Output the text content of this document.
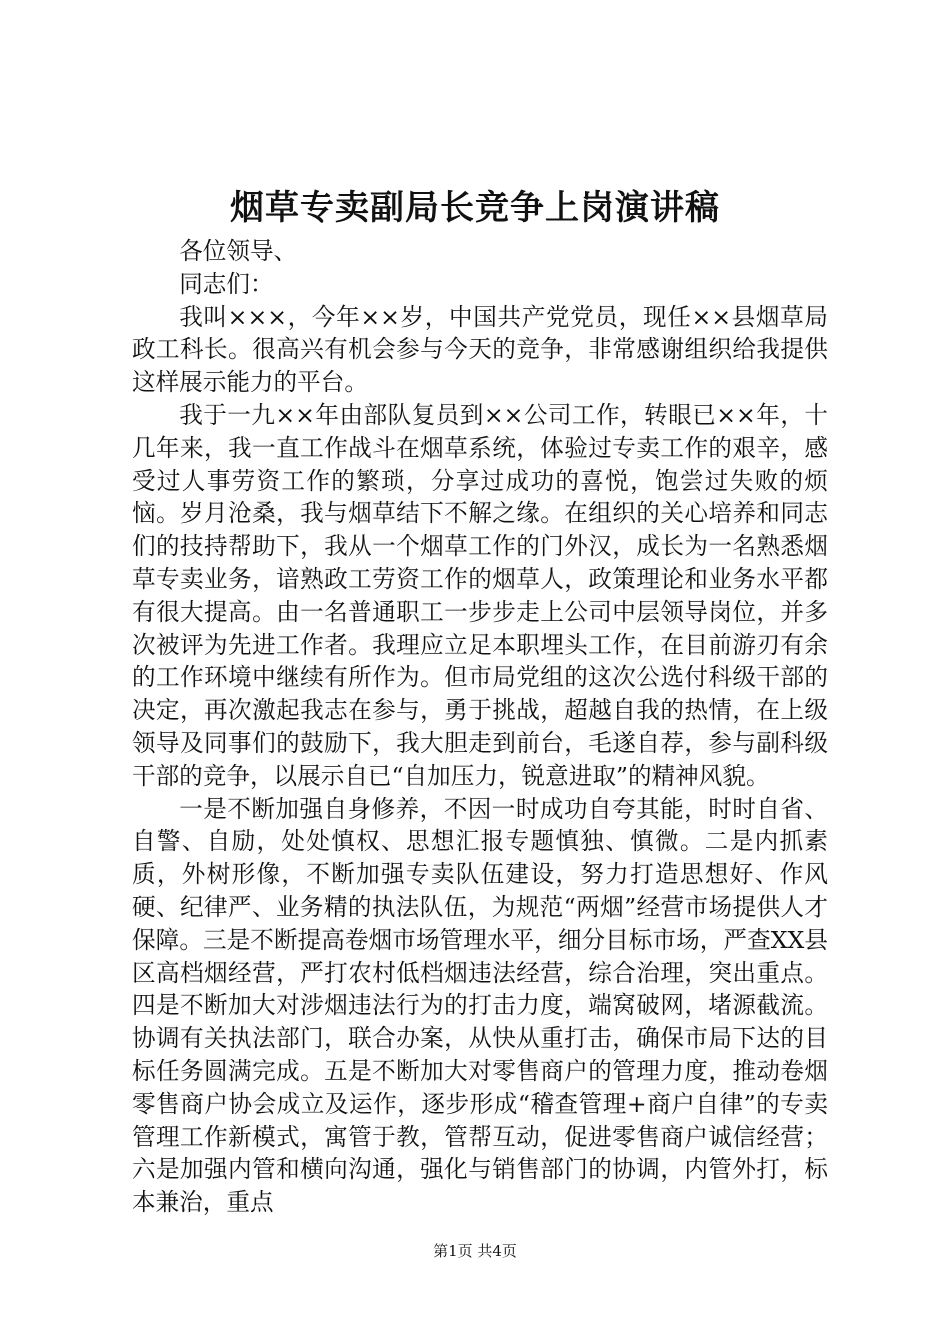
烟草专卖副局长竞争上岗演讲稿

各位领导、

同志们：

我叫×××，今年××岁，中国共产党党员，现任××县烟草局政工科长。很高兴有机会参与今天的竞争，非常感谢组织给我提供这样展示能力的平台。

我于一九××年由部队复员到××公司工作，转眼已××年，十几年来，我一直工作战斗在烟草系统，体验过专卖工作的艰辛，感受过人事劳资工作的繁琐，分享过成功的喜悦，饱尝过失败的烦恼。岁月沧桑，我与烟草结下不解之缘。在组织的关心培养和同志们的技持帮助下，我从一个烟草工作的门外汉，成长为一名熟悉烟草专卖业务，谙熟政工劳资工作的烟草人，政策理论和业务水平都有很大提高。由一名普通职工一步步走上公司中层领导岗位，并多次被评为先进工作者。我理应立足本职埋头工作，在目前游刃有余的工作环境中继续有所作为。但市局党组的这次公选付科级干部的决定，再次激起我志在参与，勇于挑战，超越自我的热情，在上级领导及同事们的鼓励下，我大胆走到前台，毛遂自荐，参与副科级干部的竞争，以展示自已“自加压力，锐意进取”的精神风貌。

一是不断加强自身修养，不因一时成功自夸其能，时时自省、自警、自励，处处慎权、思想汇报专题慎独、慎微。二是内抓素质，外树形像，不断加强专卖队伍建设，努力打造思想好、作风硬、纪律严、业务精的执法队伍，为规范“两烟”经营市场提供人才保障。三是不断提高卷烟市场管理水平，细分目标市场，严查XX县区高档烟经营，严打农村低档烟违法经营，综合治理，突出重点。四是不断加大对涉烟违法行为的打击力度，端窝破网，堵源截流。协调有关执法部门，联合办案，从快从重打击，确保市局下达的目标任务圆满完成。五是不断加大对零售商户的管理力度，推动卷烟零售商户协会成立及运作，逐步形成“稽查管理+商户自律”的专卖管理工作新模式，寓管于教，管帮互动，促进零售商户诚信经营；六是加强内管和横向沟通，强化与销售部门的协调，内管外打，标本兼治，重点

第1页 共4页
